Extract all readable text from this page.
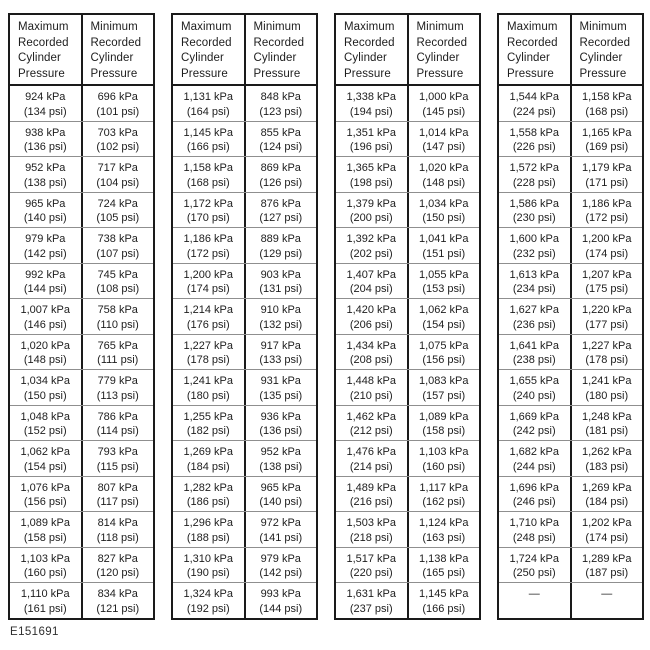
Maximum Recorded Cylinder Pressure
Minimum Recorded Cylinder Pressure
924 kPa
(134 psi)
696 kPa
(101 psi)
938 kPa
(136 psi)
703 kPa
(102 psi)
952 kPa
(138 psi)
717 kPa
(104 psi)
965 kPa
(140 psi)
724 kPa
(105 psi)
979 kPa
(142 psi)
738 kPa
(107 psi)
992 kPa
(144 psi)
745 kPa
(108 psi)
1,007 kPa
(146 psi)
758 kPa
(110 psi)
1,020 kPa
(148 psi)
765 kPa
(111 psi)
1,034 kPa
(150 psi)
779 kPa
(113 psi)
1,048 kPa
(152 psi)
786 kPa
(114 psi)
1,062 kPa
(154 psi)
793 kPa
(115 psi)
1,076 kPa
(156 psi)
807 kPa
(117 psi)
1,089 kPa
(158 psi)
814 kPa
(118 psi)
1,103 kPa
(160 psi)
827 kPa
(120 psi)
1,110 kPa
(161 psi)
834 kPa
(121 psi)
Maximum Recorded Cylinder Pressure
Minimum Recorded Cylinder Pressure
1,131 kPa
(164 psi)
848 kPa
(123 psi)
1,145 kPa
(166 psi)
855 kPa
(124 psi)
1,158 kPa
(168 psi)
869 kPa
(126 psi)
1,172 kPa
(170 psi)
876 kPa
(127 psi)
1,186 kPa
(172 psi)
889 kPa
(129 psi)
1,200 kPa
(174 psi)
903 kPa
(131 psi)
1,214 kPa
(176 psi)
910 kPa
(132 psi)
1,227 kPa
(178 psi)
917 kPa
(133 psi)
1,241 kPa
(180 psi)
931 kPa
(135 psi)
1,255 kPa
(182 psi)
936 kPa
(136 psi)
1,269 kPa
(184 psi)
952 kPa
(138 psi)
1,282 kPa
(186 psi)
965 kPa
(140 psi)
1,296 kPa
(188 psi)
972 kPa
(141 psi)
1,310 kPa
(190 psi)
979 kPa
(142 psi)
1,324 kPa
(192 psi)
993 kPa
(144 psi)
Maximum Recorded Cylinder Pressure
Minimum Recorded Cylinder Pressure
1,338 kPa
(194 psi)
1,000 kPa
(145 psi)
1,351 kPa
(196 psi)
1,014 kPa
(147 psi)
1,365 kPa
(198 psi)
1,020 kPa
(148 psi)
1,379 kPa
(200 psi)
1,034 kPa
(150 psi)
1,392 kPa
(202 psi)
1,041 kPa
(151 psi)
1,407 kPa
(204 psi)
1,055 kPa
(153 psi)
1,420 kPa
(206 psi)
1,062 kPa
(154 psi)
1,434 kPa
(208 psi)
1,075 kPa
(156 psi)
1,448 kPa
(210 psi)
1,083 kPa
(157 psi)
1,462 kPa
(212 psi)
1,089 kPa
(158 psi)
1,476 kPa
(214 psi)
1,103 kPa
(160 psi)
1,489 kPa
(216 psi)
1,117 kPa
(162 psi)
1,503 kPa
(218 psi)
1,124 kPa
(163 psi)
1,517 kPa
(220 psi)
1,138 kPa
(165 psi)
1,631 kPa
(237 psi)
1,145 kPa
(166 psi)
Maximum Recorded Cylinder Pressure
Minimum Recorded Cylinder Pressure
1,544 kPa
(224 psi)
1,158 kPa
(168 psi)
1,558 kPa
(226 psi)
1,165 kPa
(169 psi)
1,572 kPa
(228 psi)
1,179 kPa
(171 psi)
1,586 kPa
(230 psi)
1,186 kPa
(172 psi)
1,600 kPa
(232 psi)
1,200 kPa
(174 psi)
1,613 kPa
(234 psi)
1,207 kPa
(175 psi)
1,627 kPa
(236 psi)
1,220 kPa
(177 psi)
1,641 kPa
(238 psi)
1,227 kPa
(178 psi)
1,655 kPa
(240 psi)
1,241 kPa
(180 psi)
1,669 kPa
(242 psi)
1,248 kPa
(181 psi)
1,682 kPa
(244 psi)
1,262 kPa
(183 psi)
1,696 kPa
(246 psi)
1,269 kPa
(184 psi)
1,710 kPa
(248 psi)
1,202 kPa
(174 psi)
1,724 kPa
(250 psi)
1,289 kPa
(187 psi)
—	—
E151691
